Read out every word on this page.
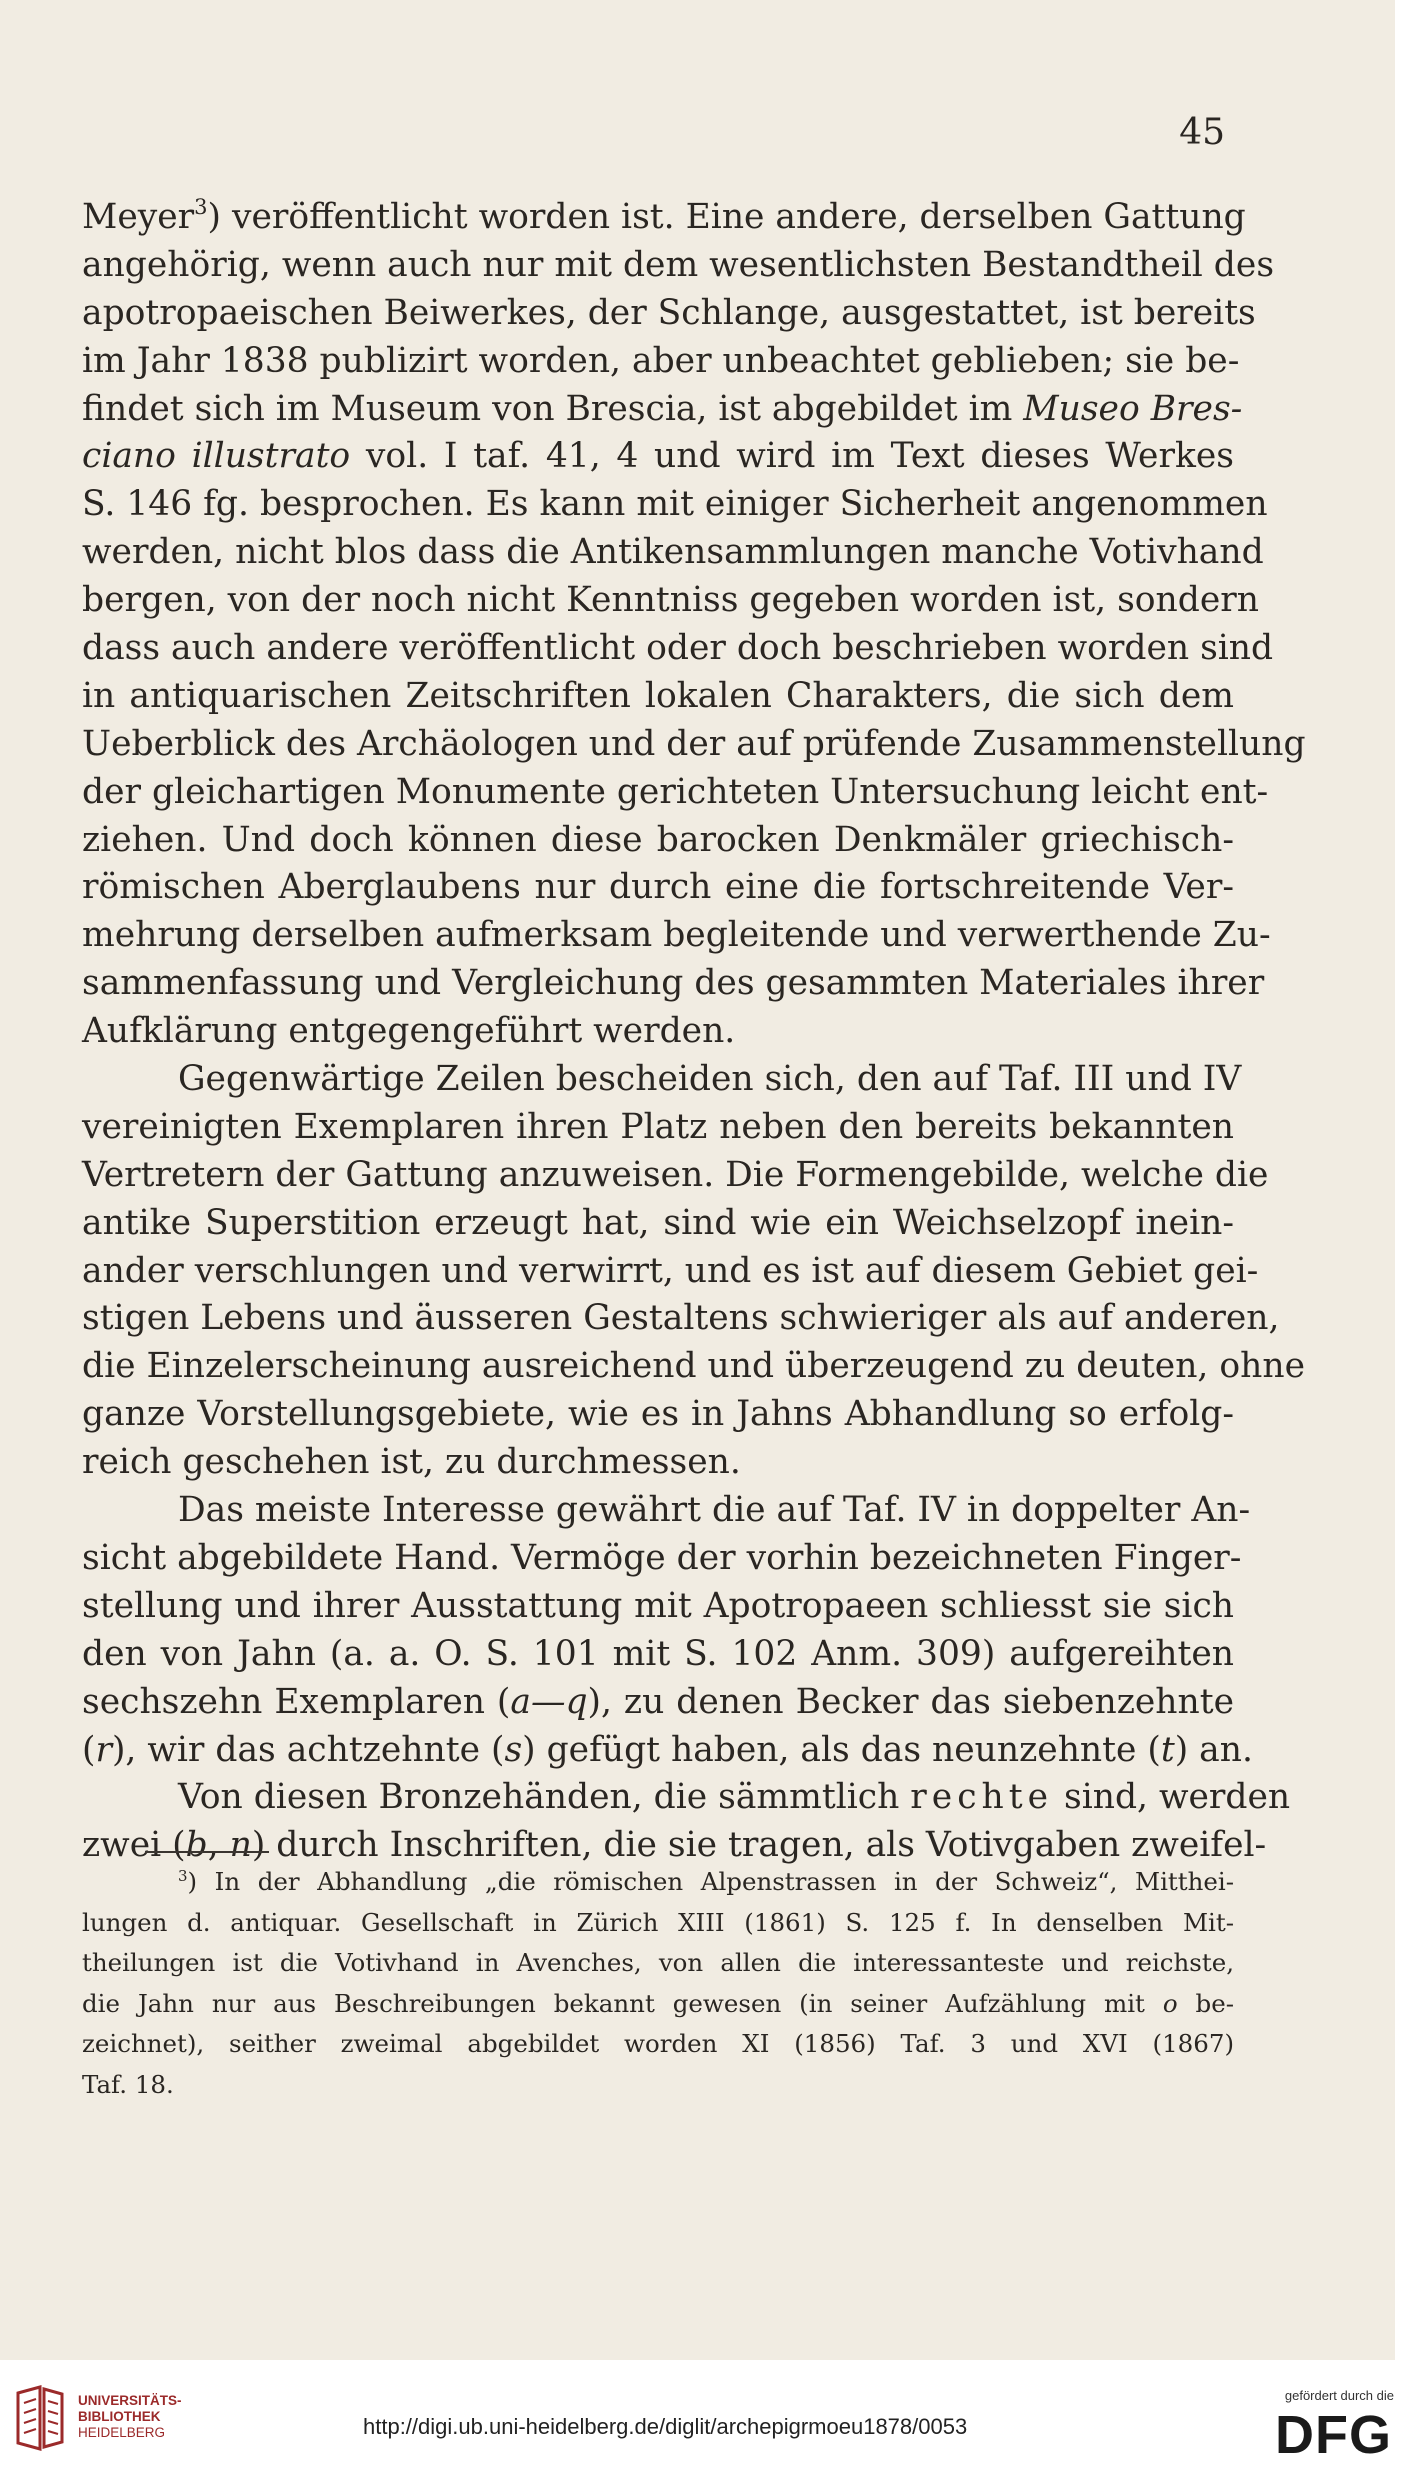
45
Meyer$^3$) veröffentlicht worden ist. Eine andere, derselben Gattung
angehörig, wenn auch nur mit dem wesentlichsten Bestandtheil des
apotropaeischen Beiwerkes, der Schlange, ausgestattet, ist bereits
im Jahr 1838 publizirt worden, aber unbeachtet geblieben; sie be-
findet sich im Museum von Brescia, ist abgebildet im Museo Bres-
ciano illustrato vol. I taf. 41, 4 und wird im Text dieses Werkes
S. 146 fg. besprochen. Es kann mit einiger Sicherheit angenommen
werden, nicht blos dass die Antikensammlungen manche Votivhand
bergen, von der noch nicht Kenntniss gegeben worden ist, sondern
dass auch andere veröffentlicht oder doch beschrieben worden sind
in antiquarischen Zeitschriften lokalen Charakters, die sich dem
Ueberblick des Archäologen und der auf prüfende Zusammenstellung
der gleichartigen Monumente gerichteten Untersuchung leicht ent-
ziehen. Und doch können diese barocken Denkmäler griechisch-
römischen Aberglaubens nur durch eine die fortschreitende Ver-
mehrung derselben aufmerksam begleitende und verwerthende Zu-
sammenfassung und Vergleichung des gesammten Materiales ihrer
Aufklärung entgegengeführt werden.
Gegenwärtige Zeilen bescheiden sich, den auf Taf. III und IV
vereinigten Exemplaren ihren Platz neben den bereits bekannten
Vertretern der Gattung anzuweisen. Die Formengebilde, welche die
antike Superstition erzeugt hat, sind wie ein Weichselzopf inein-
ander verschlungen und verwirrt, und es ist auf diesem Gebiet gei-
stigen Lebens und äusseren Gestaltens schwieriger als auf anderen,
die Einzelerscheinung ausreichend und überzeugend zu deuten, ohne
ganze Vorstellungsgebiete, wie es in Jahns Abhandlung so erfolg-
reich geschehen ist, zu durchmessen.
Das meiste Interesse gewährt die auf Taf. IV in doppelter An-
sicht abgebildete Hand. Vermöge der vorhin bezeichneten Finger-
stellung und ihrer Ausstattung mit Apotropaeen schliesst sie sich
den von Jahn (a. a. O. S. 101 mit S. 102 Anm. 309) aufgereihten
sechszehn Exemplaren (a—q), zu denen Becker das siebenzehnte
(r), wir das achtzehnte (s) gefügt haben, als das neunzehnte (t) an.
Von diesen Bronzehänden, die sämmtlich rechte sind, werden
zwei (b, n) durch Inschriften, die sie tragen, als Votivgaben zweifel-
$^3$) In der Abhandlung „die römischen Alpenstrassen in der Schweiz“, Mitthei-
lungen d. antiquar. Gesellschaft in Zürich XIII (1861) S. 125 f. In denselben Mit-
theilungen ist die Votivhand in Avenches, von allen die interessanteste und reichste,
die Jahn nur aus Beschreibungen bekannt gewesen (in seiner Aufzählung mit o be-
zeichnet), seither zweimal abgebildet worden XI (1856) Taf. 3 und XVI (1867)
Taf. 18.
UNIVERSITÄTS-
BIBLIOTHEK
HEIDELBERG	http://digi.ub.uni-heidelberg.de/diglit/archepigrmoeu1878/0053
gefördert durch die
DFG
